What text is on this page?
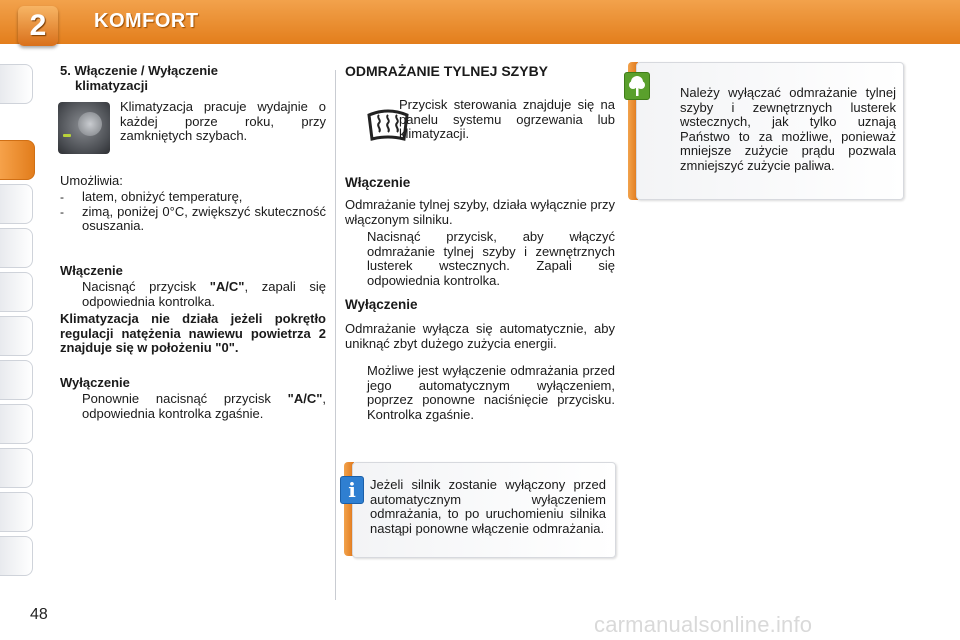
2	KOMFORT
5. Włączenie / Wyłączenie
klimatyzacji

Klimatyzacja pracuje wydajnie o każdej porze roku, przy zamkniętych szybach.

Umożliwia:

-	latem, obniżyć temperaturę,
-	zimą, poniżej 0°C, zwiększyć skuteczność osuszania.

Włączenie

Nacisnąć przycisk "A/C", zapali się odpowiednia kontrolka.

Klimatyzacja nie działa jeżeli pokrętło regulacji natężenia nawiewu powietrza 2 znajduje się w położeniu "0".

Wyłączenie

Ponownie nacisnąć przycisk "A/C", odpowiednia kontrolka zgaśnie.

ODMRAŻANIE TYLNEJ SZYBY

Przycisk sterowania znajduje się na panelu systemu ogrzewania lub klimatyzacji.

Włączenie

Odmrażanie tylnej szyby, działa wyłącznie przy włączonym silniku.

Nacisnąć przycisk, aby włączyć odmrażanie tylnej szyby i zewnętrznych lusterek wstecznych. Zapali się odpowiednia kontrolka.

Wyłączenie

Odmrażanie wyłącza się automatycznie, aby uniknąć zbyt dużego zużycia energii.

Możliwe jest wyłączenie odmrażania przed jego automatycznym wyłączeniem, poprzez ponowne naciśnięcie przycisku. Kontrolka zgaśnie.
i	Jeżeli silnik zostanie wyłączony przed automatycznym wyłączeniem odmrażania, to po uruchomieniu silnika nastąpi ponowne włączenie odmrażania.

Należy wyłączać odmrażanie tylnej szyby i zewnętrznych lusterek wstecznych, jak tylko uznają Państwo to za możliwe, ponieważ mniejsze zużycie prądu pozwala zmniejszyć zużycie paliwa.
48	carmanualsonline.info
